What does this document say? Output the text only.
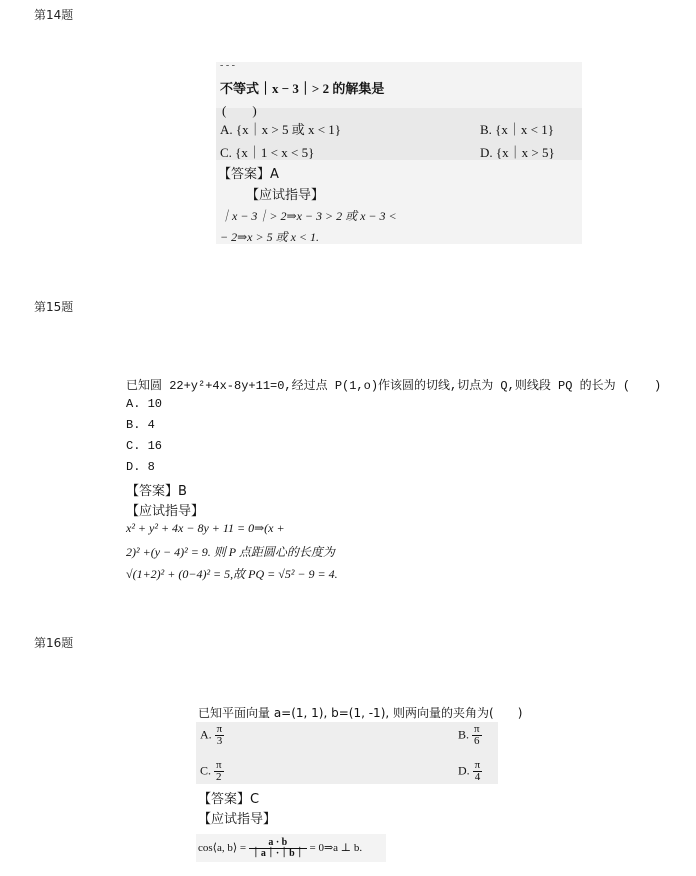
第14题
- - -
不等式｜x − 3｜> 2 的解集是
(　　)
A. {x｜x > 5 或 x < 1}	B. {x｜x < 1}
C. {x｜1 < x < 5}	D. {x｜x > 5}
【答案】A
【应试指导】
｜x − 3｜> 2⇒x − 3 > 2 或 x − 3 <
− 2⇒x > 5 或 x < 1.
第15题
已知圆 22+y²+4x-8y+11=0,经过点 P(1,o)作该圆的切线,切点为 Q,则线段 PQ 的长为 (　　)
A. 10
B. 4
C. 16
D. 8
【答案】B
【应试指导】
x² + y² + 4x − 8y + 11 = 0⇒(x +
2)² +(y − 4)² = 9. 则 P 点距圆心的长度为
√(1+2)² + (0−4)² = 5,故 PQ = √5² − 9 = 4.
第16题
已知平面向量 a=(1, 1), b=(1, -1), 则两向量的夹角为(　　)
A. $\frac{\pi}{3}$	B. $\frac{\pi}{6}$
C. $\frac{\pi}{2}$	D. $\frac{\pi}{4}$
【答案】C
【应试指导】
cos⟨a, b⟩ = $\frac{a \cdot b}{|a|\cdot|b|}$ = 0⇒a ⊥ b.
